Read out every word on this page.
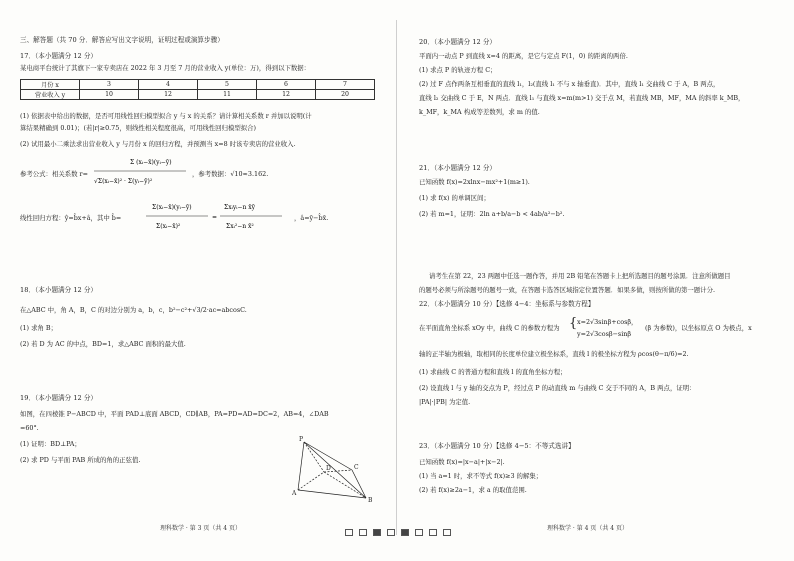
三、解答题（共 70 分．解答应写出文字说明，证明过程或演算步骤）
17．（本小题满分 12 分）
某电商平台统计了其旗下一家专卖店在 2022 年 3 月至 7 月的营业收入 y(单位：万)，得到以下数据：
月份 x	3	4	5	6	7
营业收入 y	10	12	11	12	20
(1) 依据表中给出的数据，是否可用线性回归模型拟合 y 与 x 的关系？请计算相关系数 r 并加以说明(计
算结果精确到 0.01)；(若|r|≥0.75，则线性相关程度很高，可用线性回归模型拟合)
(2) 试用最小二乘法求出营业收入 y 与月份 x 的回归方程，并预测当 x=8 时该专卖店的营业收入.
参考公式：相关系数 r=
Σ (xᵢ−x̄)(yᵢ−ȳ)
√Σ(xᵢ−x̄)² · Σ(yᵢ−ȳ)²
，参考数据：√10≈3.162.
线性回归方程：ŷ=b̂x+â，其中 b̂=
Σ(xᵢ−x̄)(yᵢ−ȳ)
Σ(xᵢ−x̄)²
=
Σxᵢyᵢ−n x̄ȳ
Σxᵢ²−n x̄²
，â=ȳ−b̂x̄.
18．（本小题满分 12 分）
在△ABC 中，角 A，B，C 的对边分别为 a，b，c，b²−c²+√3/2·ac=abcosC.
(1) 求角 B；
(2) 若 D 为 AC 的中点，BD=1，求△ABC 面积的最大值.
19．（本小题满分 12 分）
如图，在四棱锥 P−ABCD 中，平面 PAD⊥底面 ABCD，CD∥AB，PA=PD=AD=DC=2，AB=4，∠DAB
=60°.
(1) 证明：BD⊥PA；
(2) 求 PD 与平面 PAB 所成的角的正弦值.
P
D	C
A
B
理科数学 · 第 3 页（共 4 页）
20．（本小题满分 12 分）
平面内一动点 P 到直线 x=4 的距离，是它与定点 F(1，0) 的距离的两倍.
(1) 求点 P 的轨迹方程 C；
(2) 过 F 点作两条互相垂直的直线 l₁，l₂(直线 l₁ 不与 x 轴垂直)．其中，直线 l₁ 交曲线 C 于 A，B 两点，
直线 l₂ 交曲线 C 于 E，N 两点．直线 l₁ 与直线 x=m(m>1) 交于点 M，若直线 MB，MF，MA 的斜率 k_MB，
k_MF，k_MA 构成等差数列，求 m 的值.
21．（本小题满分 12 分）
已知函数 f(x)=2xlnx−mx²+1(m≥1).
(1) 求 f(x) 的单调区间；
(2) 若 m=1，证明：2ln a+b/a−b < 4ab/a²−b².
请考生在第 22，23 两题中任选一题作答，并用 2B 铅笔在答题卡上把所选题目的题号涂黑．注意所做题目
的题号必须与所涂题号的题号一致，在答题卡选答区域指定位置答题．如果多做，则按所做的第一题计分.
22．（本小题满分 10 分）【选修 4−4：坐标系与参数方程】
在平面直角坐标系 xOy 中，曲线 C 的参数方程为 { x=2√3sinβ+cosβ，
y=2√3cosβ−sinβ
(β 为参数)，以坐标原点 O 为极点，x
轴的正半轴为极轴，取相同的长度单位建立极坐标系，直线 l 的极坐标方程为 ρcos(θ−π/6)=2.
(1) 求曲线 C 的普通方程和直线 l 的直角坐标方程；
(2) 设直线 l 与 y 轴的交点为 P，经过点 P 的动直线 m 与曲线 C 交于不同的 A，B 两点，证明：
|PA|·|PB| 为定值.
23．（本小题满分 10 分）【选修 4−5：不等式选讲】
已知函数 f(x)=|x−a|+|x−2|.
(1) 当 a=1 时，求不等式 f(x)≥3 的解集；
(2) 若 f(x)≥2a−1，求 a 的取值范围.
理科数学 · 第 4 页（共 4 页）
